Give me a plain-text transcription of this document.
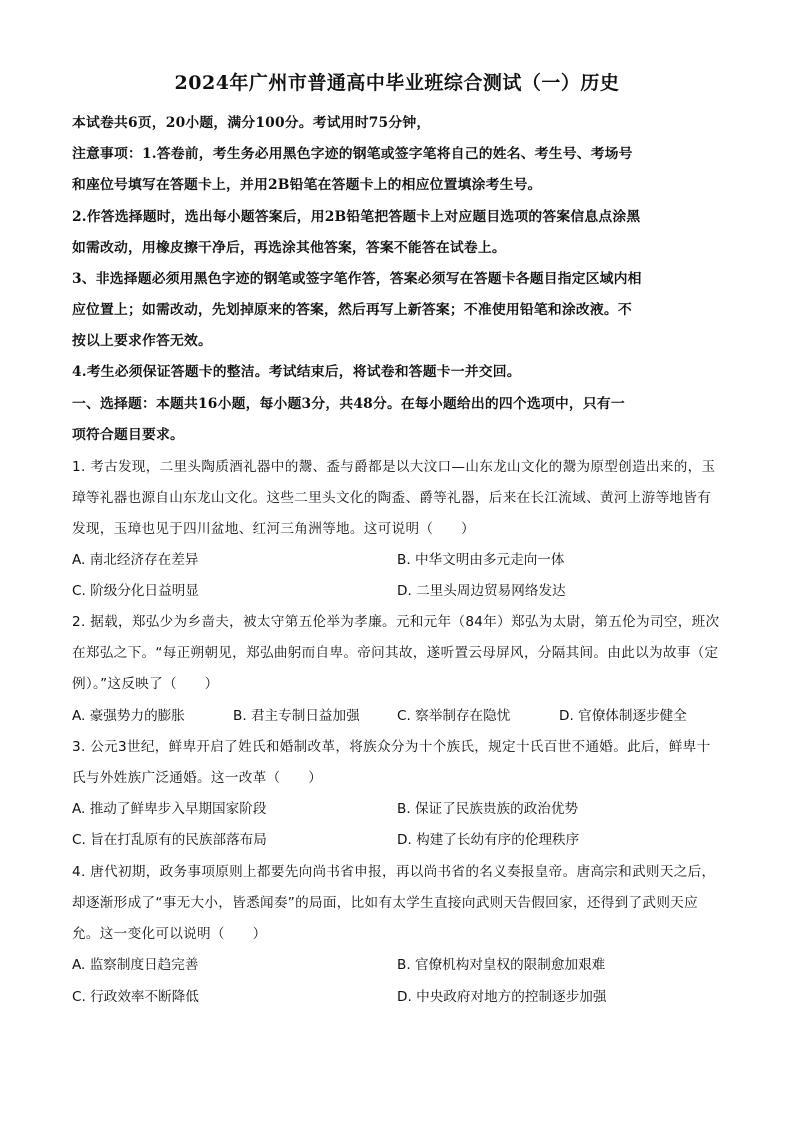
2024年广州市普通高中毕业班综合测试（一）历史
本试卷共6页，20小题，满分100分。考试用时75分钟，
注意事项：1.答卷前，考生务必用黑色字迹的钢笔或签字笔将自己的姓名、考生号、考场号
和座位号填写在答题卡上，并用2B铅笔在答题卡上的相应位置填涂考生号。
2.作答选择题时，选出每小题答案后，用2B铅笔把答题卡上对应题目选项的答案信息点涂黑
如需改动，用橡皮擦干净后，再选涂其他答案，答案不能答在试卷上。
3、非选择题必须用黑色字迹的钢笔或签字笔作答，答案必须写在答题卡各题目指定区域内相
应位置上；如需改动，先划掉原来的答案，然后再写上新答案；不准使用铅笔和涂改液。不
按以上要求作答无效。
4.考生必须保证答题卡的整洁。考试结束后，将试卷和答题卡一并交回。
一、选择题：本题共16小题，每小题3分，共48分。在每小题给出的四个选项中，只有一
项符合题目要求。
1. 考古发现，二里头陶质酒礼器中的鬶、盉与爵都是以大汶口—山东龙山文化的鬶为原型创造出来的，玉
璋等礼器也源自山东龙山文化。这些二里头文化的陶盉、爵等礼器，后来在长江流域、黄河上游等地皆有
发现，玉璋也见于四川盆地、红河三角洲等地。这可说明（　　）
A. 南北经济存在差异	B. 中华文明由多元走向一体
C. 阶级分化日益明显	D. 二里头周边贸易网络发达
2. 据载，郑弘少为乡啬夫，被太守第五伦举为孝廉。元和元年（84年）郑弘为太尉，第五伦为司空，班次
在郑弘之下。“每正朔朝见，郑弘曲躬而自卑。帝问其故，遂听置云母屏风，分隔其间。由此以为故事（定
例）。”这反映了（　　）
A. 豪强势力的膨胀	B. 君主专制日益加强	C. 察举制存在隐忧	D. 官僚体制逐步健全
3. 公元3世纪，鲜卑开启了姓氏和婚制改革，将族众分为十个族氏，规定十氏百世不通婚。此后，鲜卑十
氏与外姓族广泛通婚。这一改革（　　）
A. 推动了鲜卑步入早期国家阶段	B. 保证了民族贵族的政治优势
C. 旨在打乱原有的民族部落布局	D. 构建了长幼有序的伦理秩序
4. 唐代初期，政务事项原则上都要先向尚书省申报，再以尚书省的名义奏报皇帝。唐高宗和武则天之后，
却逐渐形成了“事无大小，皆悉闻奏”的局面，比如有太学生直接向武则天告假回家，还得到了武则天应
允。这一变化可以说明（　　）
A. 监察制度日趋完善	B. 官僚机构对皇权的限制愈加艰难
C. 行政效率不断降低	D. 中央政府对地方的控制逐步加强
